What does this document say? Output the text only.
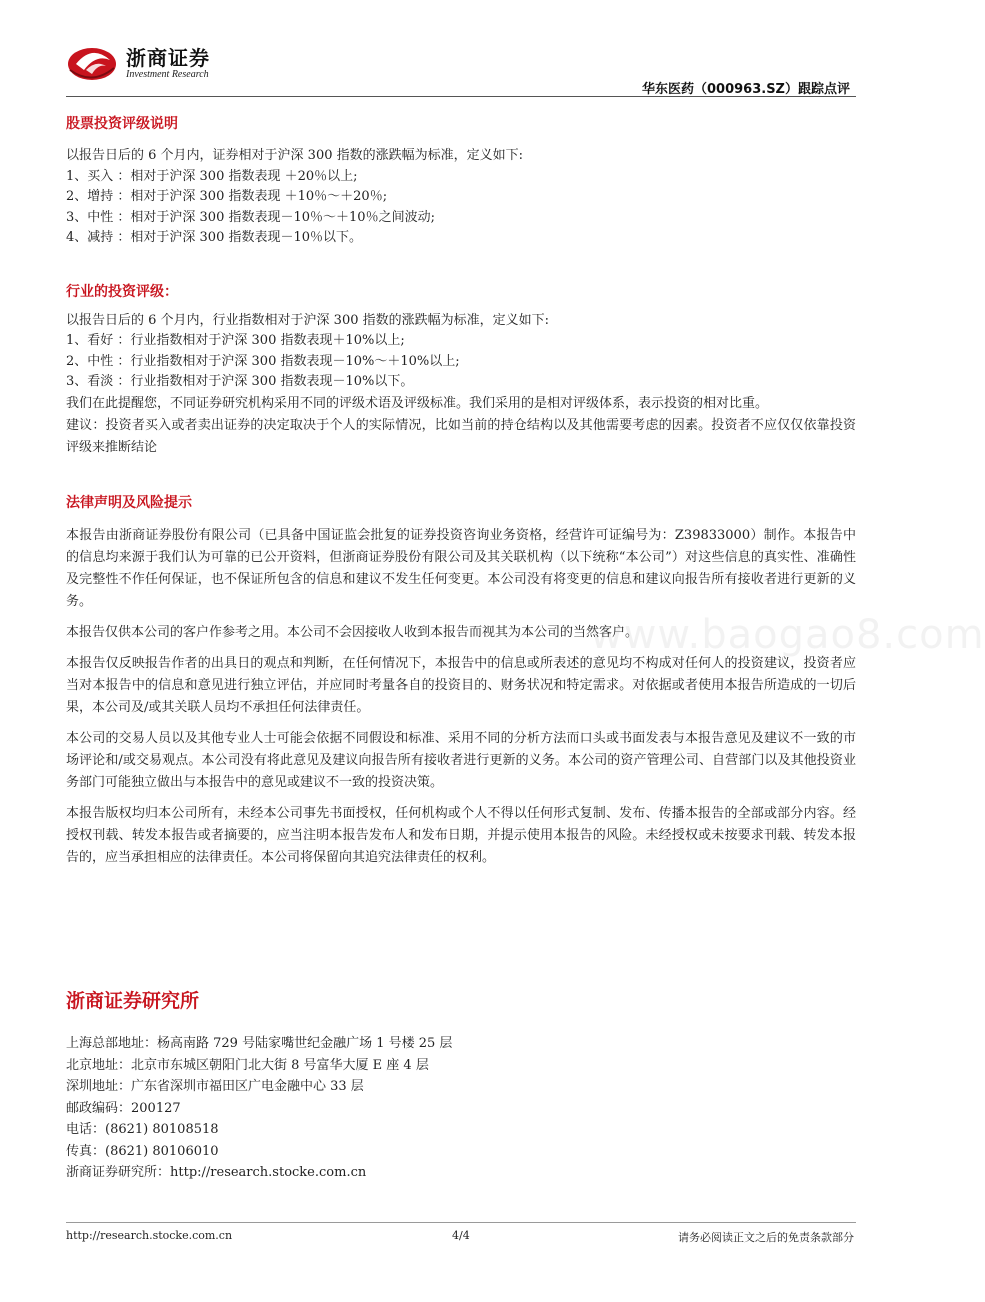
浙商证券
Investment Research
华东医药（000963.SZ）跟踪点评

股票投资评级说明

以报告日后的 6 个月内，证券相对于沪深 300 指数的涨跌幅为标准，定义如下:

1、买入 ：相对于沪深 300 指数表现 ＋20％以上;

2、增持 ：相对于沪深 300 指数表现 ＋10％～＋20％;

3、中性 ：相对于沪深 300 指数表现－10％～＋10％之间波动;

4、减持 ：相对于沪深 300 指数表现－10％以下。

行业的投资评级：

以报告日后的 6 个月内，行业指数相对于沪深 300 指数的涨跌幅为标准，定义如下:

1、看好 ：行业指数相对于沪深 300 指数表现＋10%以上;

2、中性 ：行业指数相对于沪深 300 指数表现－10%～＋10%以上;

3、看淡 ：行业指数相对于沪深 300 指数表现－10%以下。

我们在此提醒您，不同证券研究机构采用不同的评级术语及评级标准。我们采用的是相对评级体系，表示投资的相对比重。

建议：投资者买入或者卖出证券的决定取决于个人的实际情况，比如当前的持仓结构以及其他需要考虑的因素。投资者不应仅仅依靠投资评级来推断结论

法律声明及风险提示

本报告由浙商证券股份有限公司（已具备中国证监会批复的证券投资咨询业务资格，经营许可证编号为：Z39833000）制作。本报告中的信息均来源于我们认为可靠的已公开资料，但浙商证券股份有限公司及其关联机构（以下统称“本公司”）对这些信息的真实性、准确性及完整性不作任何保证，也不保证所包含的信息和建议不发生任何变更。本公司没有将变更的信息和建议向报告所有接收者进行更新的义务。

本报告仅供本公司的客户作参考之用。本公司不会因接收人收到本报告而视其为本公司的当然客户。

本报告仅反映报告作者的出具日的观点和判断，在任何情况下，本报告中的信息或所表述的意见均不构成对任何人的投资建议，投资者应当对本报告中的信息和意见进行独立评估，并应同时考量各自的投资目的、财务状况和特定需求。对依据或者使用本报告所造成的一切后果，本公司及/或其关联人员均不承担任何法律责任。

本公司的交易人员以及其他专业人士可能会依据不同假设和标准、采用不同的分析方法而口头或书面发表与本报告意见及建议不一致的市场评论和/或交易观点。本公司没有将此意见及建议向报告所有接收者进行更新的义务。本公司的资产管理公司、自营部门以及其他投资业务部门可能独立做出与本报告中的意见或建议不一致的投资决策。

本报告版权均归本公司所有，未经本公司事先书面授权，任何机构或个人不得以任何形式复制、发布、传播本报告的全部或部分内容。经授权刊载、转发本报告或者摘要的，应当注明本报告发布人和发布日期，并提示使用本报告的风险。未经授权或未按要求刊载、转发本报告的，应当承担相应的法律责任。本公司将保留向其追究法律责任的权利。

www.baogao8.com

浙商证券研究所

上海总部地址：杨高南路 729 号陆家嘴世纪金融广场 1 号楼 25 层

北京地址：北京市东城区朝阳门北大街 8 号富华大厦 E 座 4 层

深圳地址：广东省深圳市福田区广电金融中心 33 层

邮政编码：200127

电话：(8621) 80108518

传真：(8621) 80106010

浙商证券研究所：http://research.stocke.com.cn

http://research.stocke.com.cn	4/4	请务必阅读正文之后的免责条款部分
